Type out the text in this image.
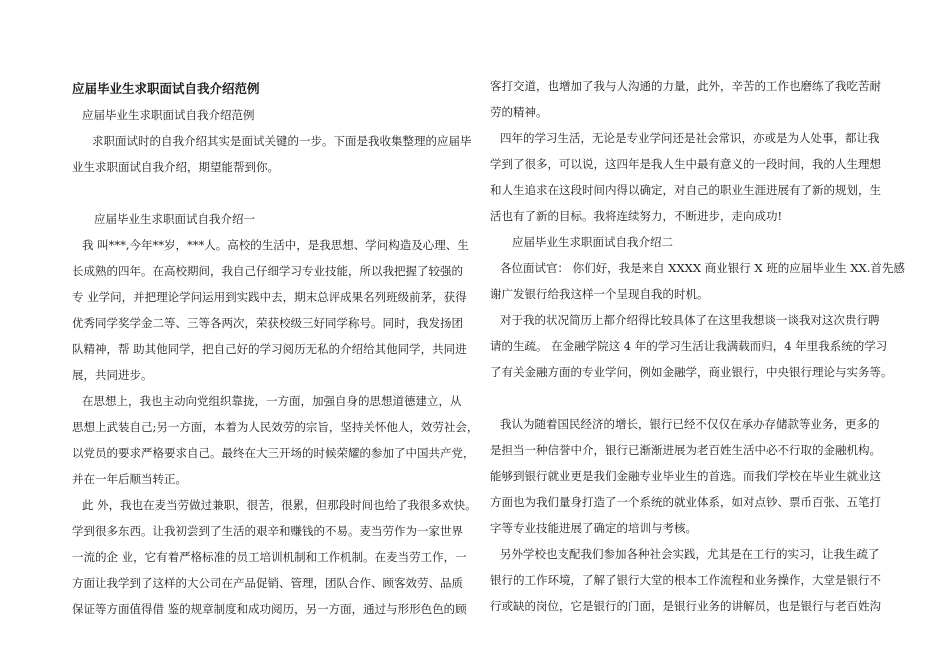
应届毕业生求职面试自我介绍范例
应届毕业生求职面试自我介绍范例
求职面试时的自我介绍其实是面试关键的一步。下面是我收集整理的应届毕
业生求职面试自我介绍，期望能帮到你。
应届毕业生求职面试自我介绍一
我 叫***,今年**岁，***人。高校的生活中，是我思想、学问构造及心理、生
长成熟的四年。在高校期间，我自己仔细学习专业技能，所以我把握了较强的
专 业学问，并把理论学问运用到实践中去，期末总评成果名列班级前茅，获得
优秀同学奖学金二等、三等各两次，荣获校级三好同学称号。同时，我发扬团
队精神，帮 助其他同学，把自己好的学习阅历无私的介绍给其他同学，共同进
展，共同进步。
在思想上，我也主动向党组织靠拢，一方面，加强自身的思想道德建立，从
思想上武装自己;另一方面，本着为人民效劳的宗旨，坚持关怀他人，效劳社会，
以党员的要求严格要求自己。最终在大三开场的时候荣耀的参加了中国共产党，
并在一年后顺当转正。
此 外，我也在麦当劳做过兼职，很苦，很累，但那段时间也给了我很多欢快。
学到很多东西。让我初尝到了生活的艰辛和赚钱的不易。麦当劳作为一家世界
一流的企 业，它有着严格标准的员工培训机制和工作机制。在麦当劳工作，一
方面让我学到了这样的大公司在产品促销、管理，团队合作、顾客效劳、品质
保证等方面值得借 鉴的规章制度和成功阅历，另一方面，通过与形形色色的顾
客打交道，也增加了我与人沟通的力量，此外，辛苦的工作也磨练了我吃苦耐
劳的精神。
四年的学习生活，无论是专业学问还是社会常识，亦或是为人处事，都让我
学到了很多，可以说，这四年是我人生中最有意义的一段时间，我的人生理想
和人生追求在这段时间内得以确定，对自己的职业生涯进展有了新的规划，生
活也有了新的目标。我将连续努力，不断进步，走向成功!
应届毕业生求职面试自我介绍二
各位面试官： 你们好，我是来自 XXXX 商业银行 X 班的应届毕业生 XX.首先感
谢广发银行给我这样一个呈现自我的时机。
对于我的状况简历上都介绍得比较具体了在这里我想谈一谈我对这次贵行聘
请的生疏。 在金融学院这 4 年的学习生活让我满载而归，4 年里我系统的学习
了有关金融方面的专业学问，例如金融学，商业银行，中央银行理论与实务等。
我认为随着国民经济的增长，银行已经不仅仅在承办存储款等业务，更多的
是担当一种信誉中介，银行已渐渐进展为老百姓生活中必不行取的金融机构。
能够到银行就业更是我们金融专业毕业生的首选。而我们学校在毕业生就业这
方面也为我们量身打造了一个系统的就业体系，如对点钞、票币百张、五笔打
字等专业技能进展了确定的培训与考核。
另外学校也支配我们参加各种社会实践，尤其是在工行的实习，让我生疏了
银行的工作环境，了解了银行大堂的根本工作流程和业务操作，大堂是银行不
行或缺的岗位，它是银行的门面，是银行业务的讲解员，也是银行与老百姓沟
